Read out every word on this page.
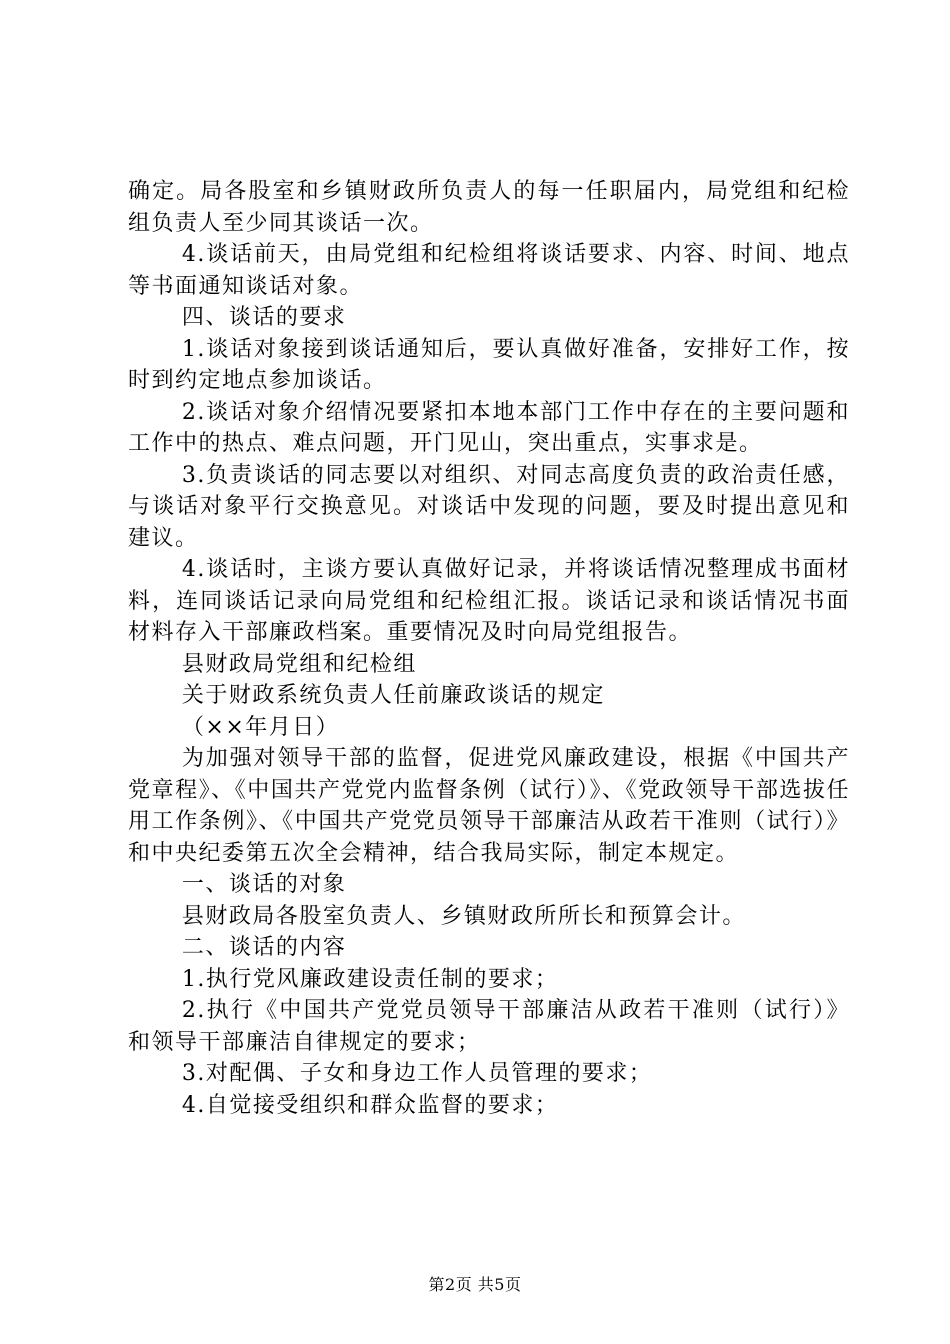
确定。局各股室和乡镇财政所负责人的每一任职届内，局党组和纪检组负责人至少同其谈话一次。

4.谈话前天，由局党组和纪检组将谈话要求、内容、时间、地点等书面通知谈话对象。

四、谈话的要求

1.谈话对象接到谈话通知后，要认真做好准备，安排好工作，按时到约定地点参加谈话。

2.谈话对象介绍情况要紧扣本地本部门工作中存在的主要问题和工作中的热点、难点问题，开门见山，突出重点，实事求是。

3.负责谈话的同志要以对组织、对同志高度负责的政治责任感，与谈话对象平行交换意见。对谈话中发现的问题，要及时提出意见和建议。

4.谈话时，主谈方要认真做好记录，并将谈话情况整理成书面材料，连同谈话记录向局党组和纪检组汇报。谈话记录和谈话情况书面材料存入干部廉政档案。重要情况及时向局党组报告。

县财政局党组和纪检组

关于财政系统负责人任前廉政谈话的规定

（××年月日）

为加强对领导干部的监督，促进党风廉政建设，根据《中国共产党章程》、《中国共产党党内监督条例（试行）》、《党政领导干部选拔任用工作条例》、《中国共产党党员领导干部廉洁从政若干准则（试行）》和中央纪委第五次全会精神，结合我局实际，制定本规定。

一、谈话的对象

县财政局各股室负责人、乡镇财政所所长和预算会计。

二、谈话的内容

1.执行党风廉政建设责任制的要求；

2.执行《中国共产党党员领导干部廉洁从政若干准则（试行）》和领导干部廉洁自律规定的要求；

3.对配偶、子女和身边工作人员管理的要求；

4.自觉接受组织和群众监督的要求；

第2页 共5页
